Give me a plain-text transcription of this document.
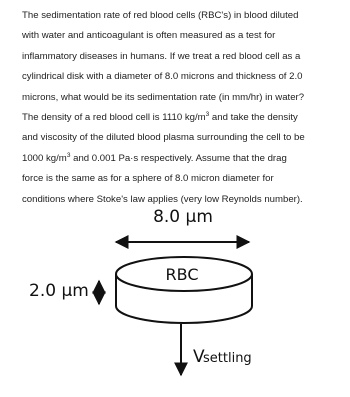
The sedimentation rate of red blood cells (RBC's) in blood diluted
with water and anticoagulant is often measured as a test for
inflammatory diseases in humans. If we treat a red blood cell as a
cylindrical disk with a diameter of 8.0 microns and thickness of 2.0
microns, what would be its sedimentation rate (in mm/hr) in water?
The density of a red blood cell is 1110 $kg/m^3$ and take the density
and viscosity of the diluted blood plasma surrounding the cell to be
1000 $kg/m^3$ and 0.001 Pa·s respectively. Assume that the drag
force is the same as for a sphere of 8.0 micron diameter for
conditions where Stoke's law applies (very low Reynolds number).
8.0 μm
RBC
2.0 μm
V
settling
